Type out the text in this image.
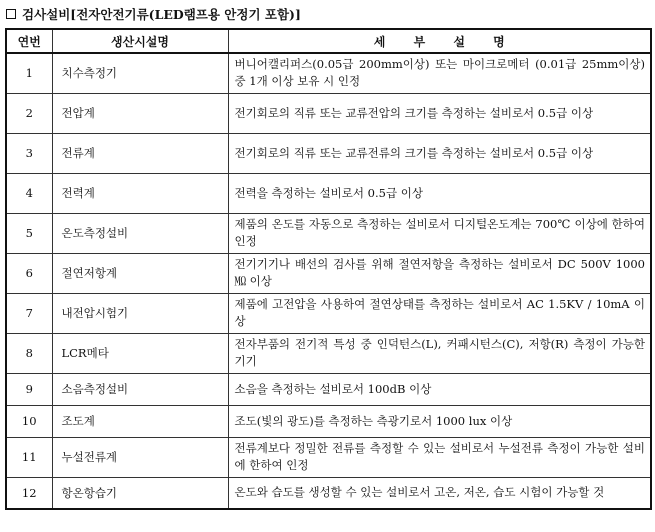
검사설비[전자안전기류(LED램프용 안정기 포함)]
연번	생산시설명	세 부 설 명
1	치수측정기	버니어캘리퍼스(0.05급 200mm이상) 또는 마이크로메터 (0.01급 25mm이상) 중 1개 이상 보유 시 인정
2	전압계	전기회로의 직류 또는 교류전압의 크기를 측정하는 설비로서 0.5급 이상
3	전류계	전기회로의 직류 또는 교류전류의 크기를 측정하는 설비로서 0.5급 이상
4	전력계	전력을 측정하는 설비로서 0.5급 이상
5	온도측정설비	제품의 온도를 자동으로 측정하는 설비로서 디지털온도계는 700℃ 이상에 한하여 인정
6	절연저항계	전기기기나 배선의 검사를 위해 절연저항을 측정하는 설비로서 DC 500V 1000㏁ 이상
7	내전압시험기	제품에 고전압을 사용하여 절연상태를 측정하는 설비로서 AC 1.5KV / 10mA 이상
8	LCR메타	전자부품의 전기적 특성 중 인덕턴스(L), 커패시턴스(C), 저항(R) 측정이 가능한 기기
9	소음측정설비	소음을 측정하는 설비로서 100dB 이상
10	조도계	조도(빛의 광도)를 측정하는 측광기로서 1000 lux 이상
11	누설전류계	전류계보다 정밀한 전류를 측정할 수 있는 설비로서 누설전류 측정이 가능한 설비에 한하여 인정
12	항온항습기	온도와 습도를 생성할 수 있는 설비로서 고온, 저온, 습도 시험이 가능할 것
